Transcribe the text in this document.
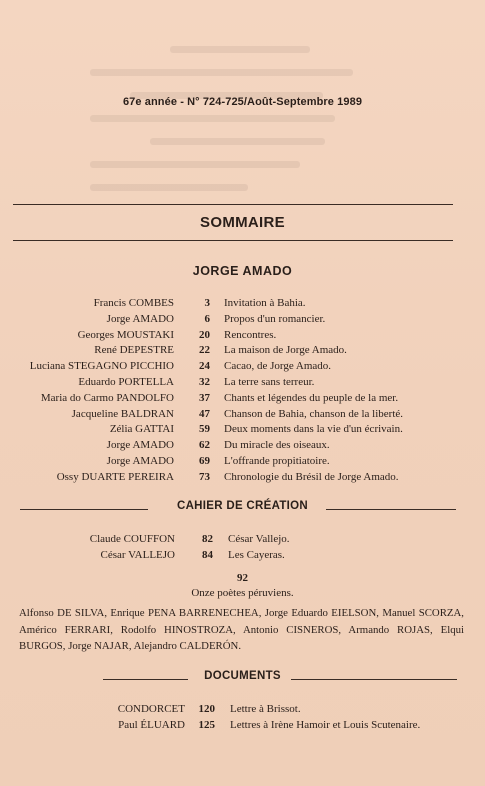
67e année - N° 724-725/Août-Septembre 1989
SOMMAIRE
JORGE AMADO
Francis COMBES	3 Invitation à Bahia.
Jorge AMADO	6 Propos d'un romancier.
Georges MOUSTAKI	20 Rencontres.
René DEPESTRE	22 La maison de Jorge Amado.
Luciana STEGAGNO PICCHIO	24 Cacao, de Jorge Amado.
Eduardo PORTELLA	32 La terre sans terreur.
Maria do Carmo PANDOLFO	37 Chants et légendes du peuple de la mer.
Jacqueline BALDRAN	47 Chanson de Bahia, chanson de la liberté.
Zélia GATTAI	59 Deux moments dans la vie d'un écrivain.
Jorge AMADO	62 Du miracle des oiseaux.
Jorge AMADO	69 L'offrande propitiatoire.
Ossy DUARTE PEREIRA	73 Chronologie du Brésil de Jorge Amado.
CAHIER DE CRÉATION
Claude COUFFON	82 César Vallejo.
César VALLEJO	84 Les Cayeras.
92
Onze poètes péruviens.
Alfonso DE SILVA, Enrique PENA BARRENECHEA, Jorge Eduardo EIELSON, Manuel SCORZA, Américo FERRARI, Rodolfo HINOSTROZA, Antonio CISNEROS, Armando ROJAS, Elqui BURGOS, Jorge NAJAR, Alejandro CALDERÓN.
DOCUMENTS
CONDORCET	120 Lettre à Brissot.
Paul ÉLUARD	125 Lettres à Irène Hamoir et Louis Scutenaire.
